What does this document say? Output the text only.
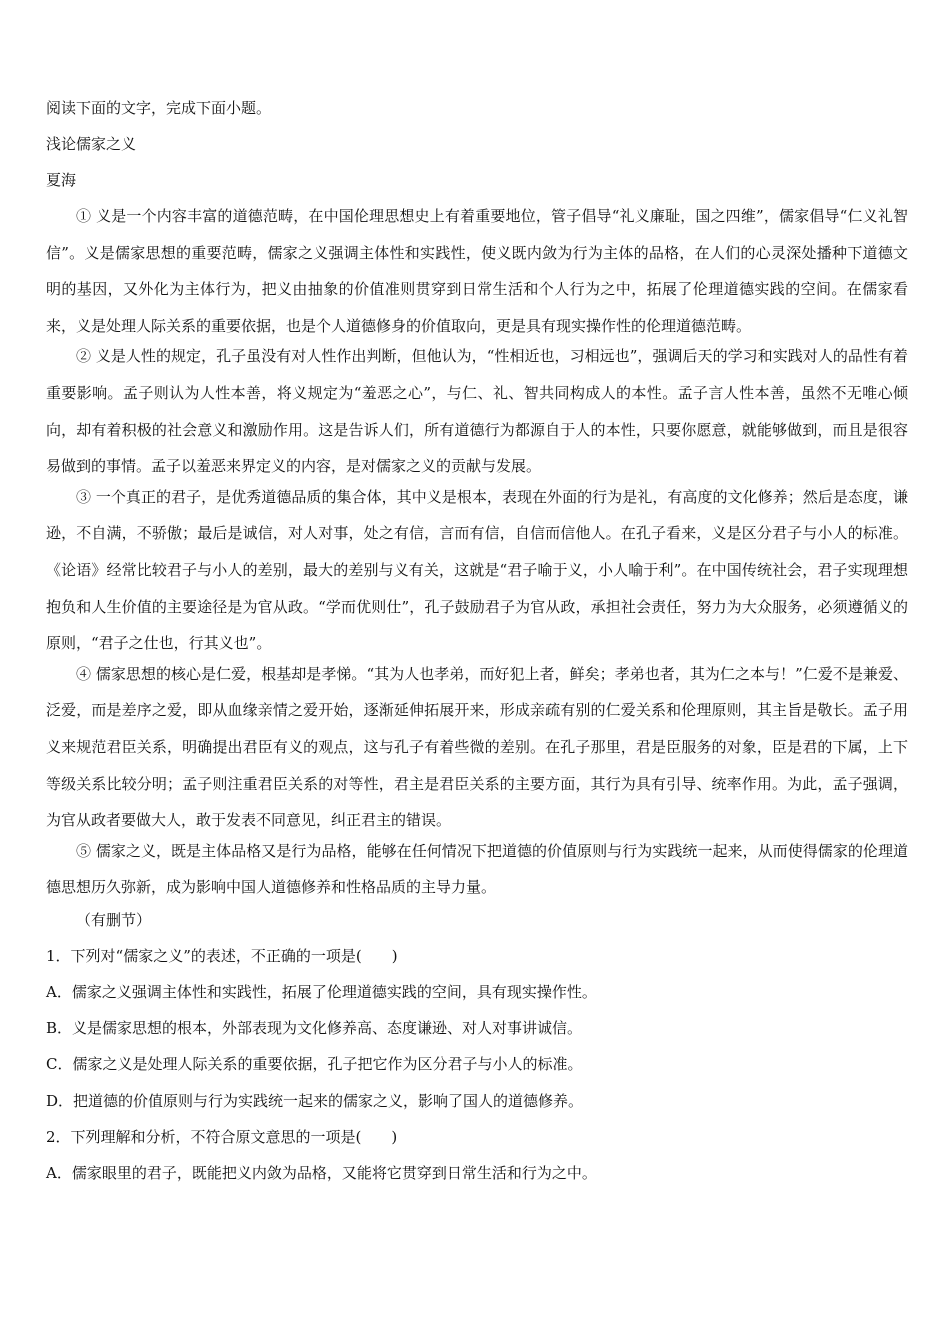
阅读下面的文字，完成下面小题。

浅论儒家之义

夏海

① 义是一个内容丰富的道德范畴，在中国伦理思想史上有着重要地位，管子倡导“礼义廉耻，国之四维”，儒家倡导“仁义礼智信”。义是儒家思想的重要范畴，儒家之义强调主体性和实践性，使义既内敛为行为主体的品格，在人们的心灵深处播种下道德文明的基因，又外化为主体行为，把义由抽象的价值准则贯穿到日常生活和个人行为之中，拓展了伦理道德实践的空间。在儒家看来，义是处理人际关系的重要依据，也是个人道德修身的价值取向，更是具有现实操作性的伦理道德范畴。

② 义是人性的规定，孔子虽没有对人性作出判断，但他认为，“性相近也，习相远也”，强调后天的学习和实践对人的品性有着重要影响。孟子则认为人性本善，将义规定为“羞恶之心”，与仁、礼、智共同构成人的本性。孟子言人性本善，虽然不无唯心倾向，却有着积极的社会意义和激励作用。这是告诉人们，所有道德行为都源自于人的本性，只要你愿意，就能够做到，而且是很容易做到的事情。孟子以羞恶来界定义的内容，是对儒家之义的贡献与发展。

③ 一个真正的君子，是优秀道德品质的集合体，其中义是根本，表现在外面的行为是礼，有高度的文化修养；然后是态度，谦逊，不自满，不骄傲；最后是诚信，对人对事，处之有信，言而有信，自信而信他人。在孔子看来，义是区分君子与小人的标准。《论语》经常比较君子与小人的差别，最大的差别与义有关，这就是“君子喻于义，小人喻于利”。在中国传统社会，君子实现理想抱负和人生价值的主要途径是为官从政。“学而优则仕”，孔子鼓励君子为官从政，承担社会责任，努力为大众服务，必须遵循义的原则，“君子之仕也，行其义也”。

④ 儒家思想的核心是仁爱，根基却是孝悌。“其为人也孝弟，而好犯上者，鲜矣；孝弟也者，其为仁之本与！”仁爱不是兼爱、泛爱，而是差序之爱，即从血缘亲情之爱开始，逐渐延伸拓展开来，形成亲疏有别的仁爱关系和伦理原则，其主旨是敬长。孟子用义来规范君臣关系，明确提出君臣有义的观点，这与孔子有着些微的差别。在孔子那里，君是臣服务的对象，臣是君的下属，上下等级关系比较分明；孟子则注重君臣关系的对等性，君主是君臣关系的主要方面，其行为具有引导、统率作用。为此，孟子强调，为官从政者要做大人，敢于发表不同意见，纠正君主的错误。

⑤ 儒家之义，既是主体品格又是行为品格，能够在任何情况下把道德的价值原则与行为实践统一起来，从而使得儒家的伦理道德思想历久弥新，成为影响中国人道德修养和性格品质的主导力量。

（有删节）

1．下列对“儒家之义”的表述，不正确的一项是(　　)

A．儒家之义强调主体性和实践性，拓展了伦理道德实践的空间，具有现实操作性。

B．义是儒家思想的根本，外部表现为文化修养高、态度谦逊、对人对事讲诚信。

C．儒家之义是处理人际关系的重要依据，孔子把它作为区分君子与小人的标准。

D．把道德的价值原则与行为实践统一起来的儒家之义，影响了国人的道德修养。

2．下列理解和分析，不符合原文意思的一项是(　　)

A．儒家眼里的君子，既能把义内敛为品格，又能将它贯穿到日常生活和行为之中。
